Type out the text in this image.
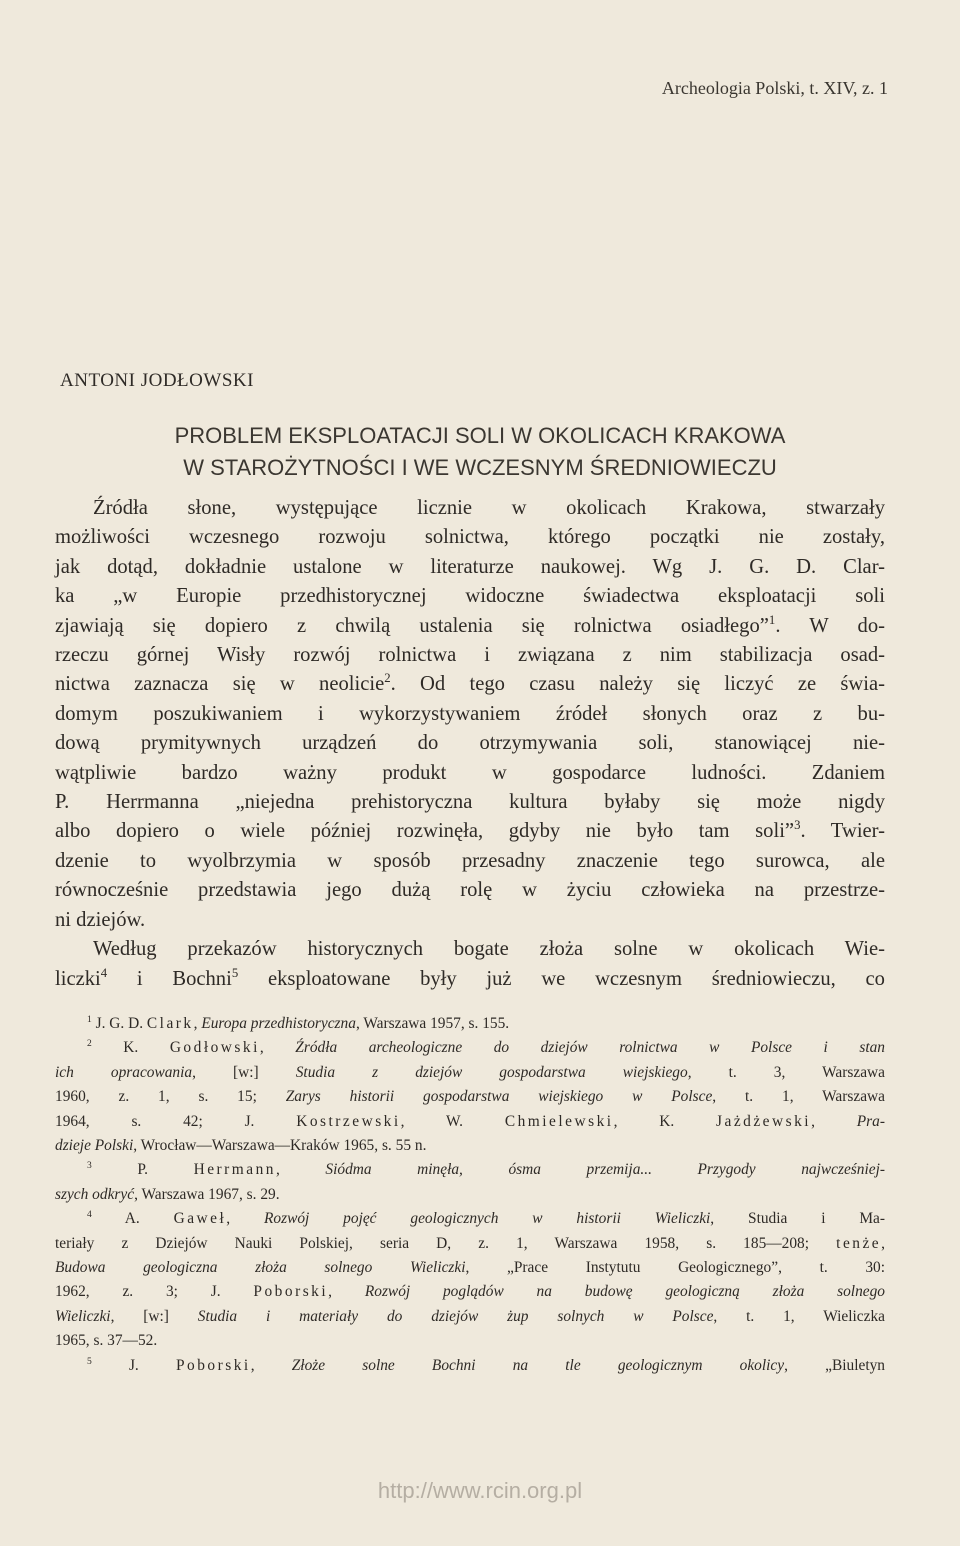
Archeologia Polski, t. XIV, z. 1
ANTONI JODŁOWSKI
PROBLEM EKSPLOATACJI SOLI W OKOLICACH KRAKOWA
W STAROŻYTNOŚCI I WE WCZESNYM ŚREDNIOWIECZU
Źródła słone, występujące licznie w okolicach Krakowa, stwarzały
możliwości wczesnego rozwoju solnictwa, którego początki nie zostały,
jak dotąd, dokładnie ustalone w literaturze naukowej. Wg J. G. D. Clar-
ka „w Europie przedhistorycznej widoczne świadectwa eksploatacji soli
zjawiają się dopiero z chwilą ustalenia się rolnictwa osiadłego”$^1$. W do-
rzeczu górnej Wisły rozwój rolnictwa i związana z nim stabilizacja osad-
nictwa zaznacza się w neolicie$^2$. Od tego czasu należy się liczyć ze świa-
domym poszukiwaniem i wykorzystywaniem źródeł słonych oraz z bu-
dową prymitywnych urządzeń do otrzymywania soli, stanowiącej nie-
wątpliwie bardzo ważny produkt w gospodarce ludności. Zdaniem
P. Herrmanna „niejedna prehistoryczna kultura byłaby się może nigdy
albo dopiero o wiele później rozwinęła, gdyby nie było tam soli”$^3$. Twier-
dzenie to wyolbrzymia w sposób przesadny znaczenie tego surowca, ale
równocześnie przedstawia jego dużą rolę w życiu człowieka na przestrze-
ni dziejów.
Według przekazów historycznych bogate złoża solne w okolicach Wie-
liczki$^4$ i Bochni$^5$ eksploatowane były już we wczesnym średniowieczu, co
$^1$ J. G. D. Clark, Europa przedhistoryczna, Warszawa 1957, s. 155.
$^2$ K. Godłowski, Źródła archeologiczne do dziejów rolnictwa w Polsce i stan
ich opracowania, [w:] Studia z dziejów gospodarstwa wiejskiego, t. 3, Warszawa
1960, z. 1, s. 15; Zarys historii gospodarstwa wiejskiego w Polsce, t. 1, Warszawa
1964, s. 42; J. Kostrzewski, W. Chmielewski, K. Jażdżewski, Pra-
dzieje Polski, Wrocław—Warszawa—Kraków 1965, s. 55 n.
$^3$ P. Herrmann, Siódma minęła, ósma przemija... Przygody najwcześniej-
szych odkryć, Warszawa 1967, s. 29.
$^4$ A. Gaweł, Rozwój pojęć geologicznych w historii Wieliczki, Studia i Ma-
teriały z Dziejów Nauki Polskiej, seria D, z. 1, Warszawa 1958, s. 185—208; tenże,
Budowa geologiczna złoża solnego Wieliczki, „Prace Instytutu Geologicznego”, t. 30:
1962, z. 3; J. Poborski, Rozwój poglądów na budowę geologiczną złoża solnego
Wieliczki, [w:] Studia i materiały do dziejów żup solnych w Polsce, t. 1, Wieliczka
1965, s. 37—52.
$^5$ J. Poborski, Złoże solne Bochni na tle geologicznym okolicy, „Biuletyn
http://www.rcin.org.pl
